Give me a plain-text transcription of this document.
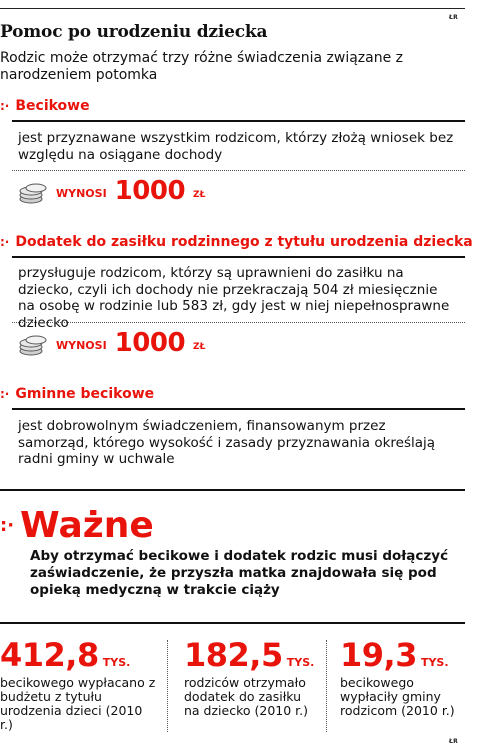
ŁR
Pomoc po urodzeniu dziecka
Rodzic może otrzymać trzy różne świadczenia związane z narodzeniem potomka
:· Becikowe
jest przyznawane wszystkim rodzicom, którzy złożą wniosek bez względu na osiągane dochody
WYNOSI 1000 ZŁ
:· Dodatek do zasiłku rodzinnego z tytułu urodzenia dziecka
przysługuje rodzicom, którzy są uprawnieni do zasiłku na dziecko, czyli ich dochody nie przekraczają 504 zł miesięcznie na osobę w rodzinie lub 583 zł, gdy jest w niej niepełnosprawne dziecko
WYNOSI 1000 ZŁ
:· Gminne becikowe
jest dobrowolnym świadczeniem, finansowanym przez samorząd, którego wysokość i zasady przyznawania określają radni gminy w uchwale
:· Ważne
Aby otrzymać becikowe i dodatek rodzic musi dołączyć zaświadczenie, że przyszła matka znajdowała się pod opieką medyczną w trakcie ciąży
412,8 TYS.
becikowego wypłacano z budżetu z tytułu urodzenia dzieci (2010 r.)
182,5 TYS.
rodziców otrzymało dodatek do zasiłku na dziecko (2010 r.)
19,3 TYS.
becikowego wypłaciły gminy rodzicom (2010 r.)
ŁR
